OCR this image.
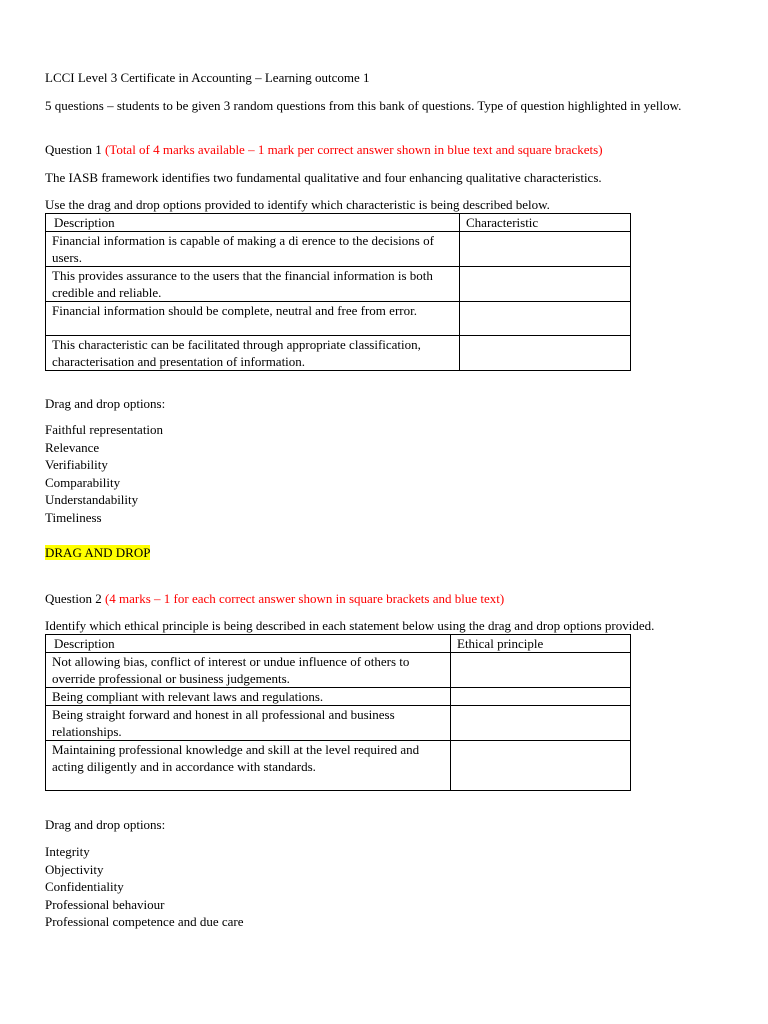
LCCI Level 3 Certificate in Accounting – Learning outcome 1

5 questions – students to be given 3 random questions from this bank of questions. Type of question highlighted in yellow.

Question 1 (Total of 4 marks available – 1 mark per correct answer shown in blue text and square brackets)

The IASB framework identifies two fundamental qualitative and four enhancing qualitative characteristics.

Use the drag and drop options provided to identify which characteristic is being described below.

Description	Characteristic
Financial information is capable of making a di erence to the decisions of users.	
This provides assurance to the users that the financial information is both credible and reliable.	
Financial information should be complete, neutral and free from error.	
This characteristic can be facilitated through appropriate classification, characterisation and presentation of information.	

Drag and drop options:

Faithful representation
Relevance
Verifiability
Comparability
Understandability
Timeliness

DRAG AND DROP

Question 2 (4 marks – 1 for each correct answer shown in square brackets and blue text)

Identify which ethical principle is being described in each statement below using the drag and drop options provided.

Description	Ethical principle
Not allowing bias, conflict of interest or undue influence of others to override professional or business judgements.	
Being compliant with relevant laws and regulations.	
Being straight forward and honest in all professional and business relationships.	
Maintaining professional knowledge and skill at the level required and acting diligently and in accordance with standards.	

Drag and drop options:

Integrity
Objectivity
Confidentiality
Professional behaviour
Professional competence and due care
